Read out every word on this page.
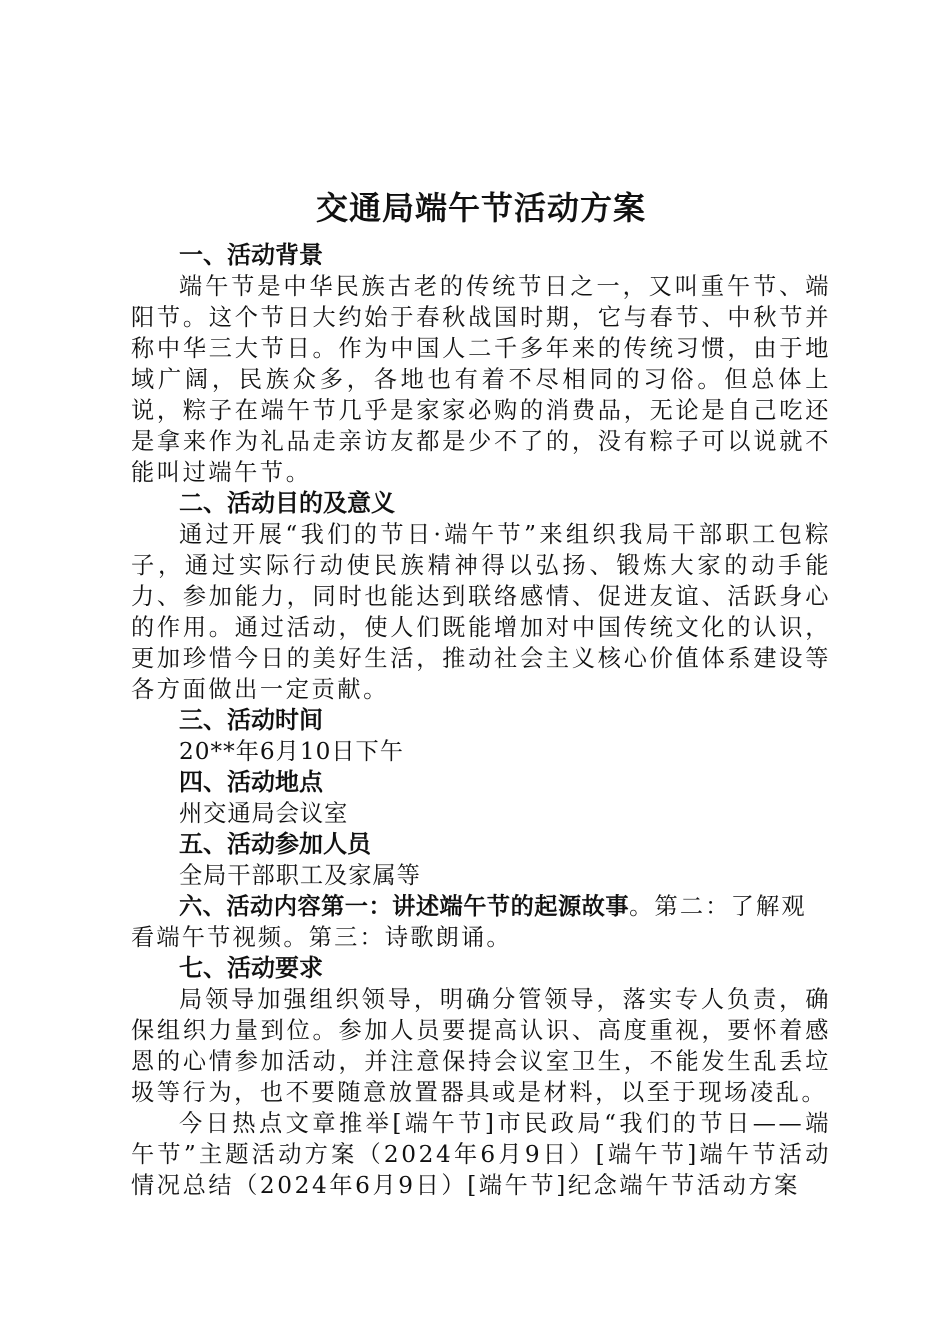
交通局端午节活动方案

一、活动背景

端午节是中华民族古老的传统节日之一，又叫重午节、端阳节。这个节日大约始于春秋战国时期，它与春节、中秋节并称中华三大节日。作为中国人二千多年来的传统习惯，由于地域广阔，民族众多，各地也有着不尽相同的习俗。但总体上说，粽子在端午节几乎是家家必购的消费品，无论是自己吃还是拿来作为礼品走亲访友都是少不了的，没有粽子可以说就不能叫过端午节。

二、活动目的及意义

通过开展“我们的节日·端午节”来组织我局干部职工包粽子，通过实际行动使民族精神得以弘扬、锻炼大家的动手能力、参加能力，同时也能达到联络感情、促进友谊、活跃身心的作用。通过活动，使人们既能增加对中国传统文化的认识，更加珍惜今日的美好生活，推动社会主义核心价值体系建设等各方面做出一定贡献。

三、活动时间

20**年6月10日下午

四、活动地点

州交通局会议室

五、活动参加人员

全局干部职工及家属等

六、活动内容第一：讲述端午节的起源故事。第二：了解观看端午节视频。第三：诗歌朗诵。

七、活动要求

局领导加强组织领导，明确分管领导，落实专人负责，确保组织力量到位。参加人员要提高认识、高度重视，要怀着感恩的心情参加活动，并注意保持会议室卫生，不能发生乱丢垃圾等行为，也不要随意放置器具或是材料，以至于现场凌乱。

今日热点文章推举[端午节]市民政局“我们的节日——端午节”主题活动方案（2024年6月9日）[端午节]端午节活动情况总结（2024年6月9日）[端午节]纪念端午节活动方案
